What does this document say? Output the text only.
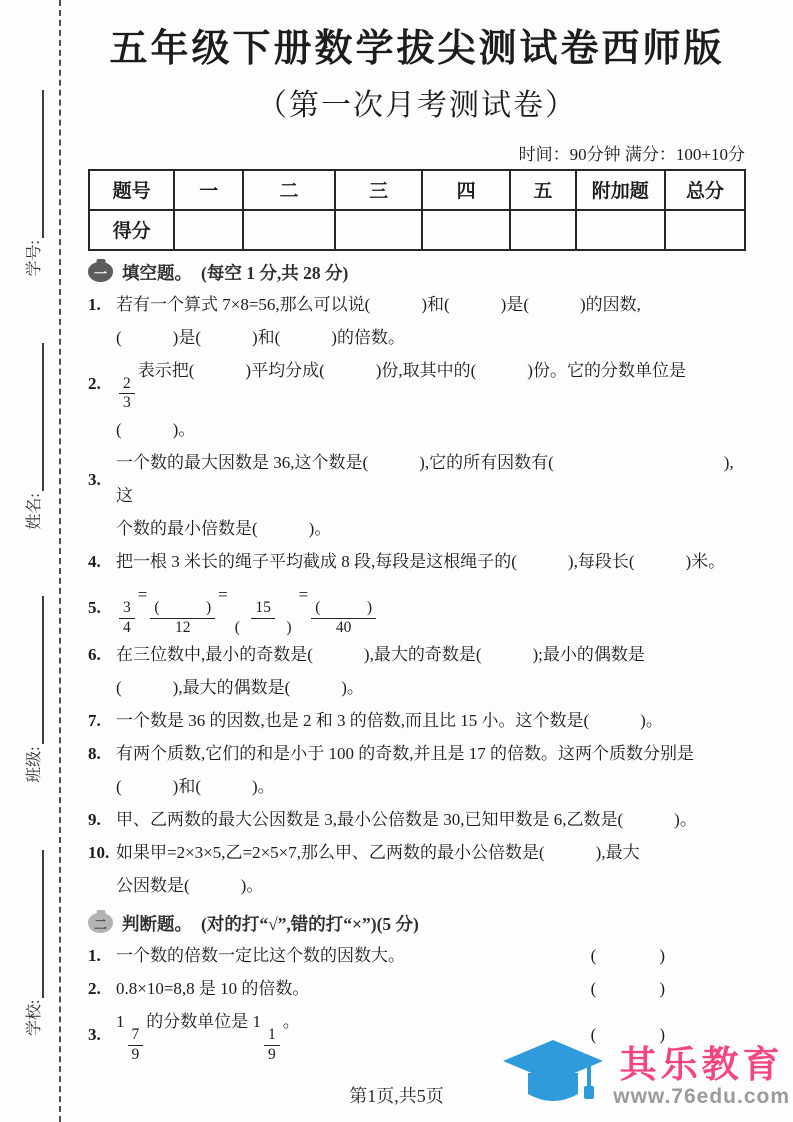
学号:
姓名:
班级:
学校:
五年级下册数学拔尖测试卷西师版
（第一次月考测试卷）
时间：90分钟 满分：100+10分
题号	一	二	三	四	五	附加题	总分
得分							
一 填空题。 (每空 1 分,共 28 分)
1. 若有一个算式 7×8=56,那么可以说(　　　)和(　　　)是(　　　)的因数,
(　　　)是(　　　)和(　　　)的倍数。
2.	$\frac{2}{3}$
表示把(　　　)平均分成(　　　)份,取其中的(　　　)份。它的分数单位是
(　　　)。
3.
一个数的最大因数是 36,这个数是(　　　),它的所有因数有(　　　　　　　　　　),这
个数的最小倍数是(　　　)。
4. 把一根 3 米长的绳子平均截成 8 段,每段是这根绳子的(　　　),每段长(　　　)米。
5.	$\frac{3}{4}$
=
$\frac{( )}{12}$
=
$\frac{15}{( )}$
=
$\frac{( )}{40}$
6. 在三位数中,最小的奇数是(　　　),最大的奇数是(　　　);最小的偶数是
(　　　),最大的偶数是(　　　)。
7. 一个数是 36 的因数,也是 2 和 3 的倍数,而且比 15 小。这个数是(　　　)。
8. 有两个质数,它们的和是小于 100 的奇数,并且是 17 的倍数。这两个质数分别是
(　　　)和(　　　)。
9. 甲、乙两数的最大公因数是 3,最小公倍数是 30,已知甲数是 6,乙数是(　　　)。
10. 如果甲=2×3×5,乙=2×5×7,那么甲、乙两数的最小公倍数是(　　　),最大
公因数是(　　　)。
二 判断题。 (对的打“√”,错的打“×”)(5 分)
1. 一个数的倍数一定比这个数的因数大。	(　　　)
2. 0.8×10=8,8 是 10 的倍数。	(　　　)
3.
1
$\frac{7}{9}$
的分数单位是 1
$\frac{1}{9}$
。
(　　　)
第1页,共5页
其乐教育
www.76edu.com
